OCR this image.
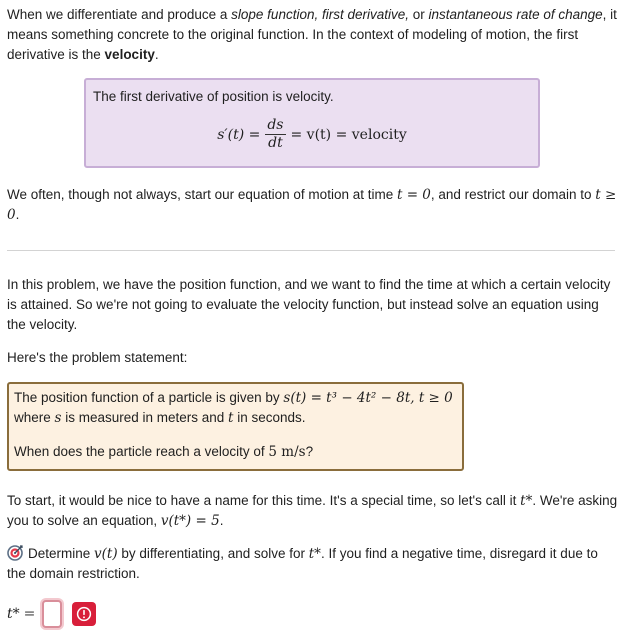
When we differentiate and produce a slope function, first derivative, or instantaneous rate of change, it means something concrete to the original function. In the context of modeling of motion, the first derivative is the velocity.

The first derivative of position is velocity.
$s'(t) = \frac{ds}{dt} = v(t)$ = velocity

We often, though not always, start our equation of motion at time t = 0, and restrict our domain to t ≥ 0.

In this problem, we have the position function, and we want to find the time at which a certain velocity is attained. So we're not going to evaluate the velocity function, but instead solve an equation using the velocity.

Here's the problem statement:

The position function of a particle is given by s(t) = t³ − 4t² − 8t, t ≥ 0
where s is measured in meters and t in seconds.
When does the particle reach a velocity of 5 m/s?

To start, it would be nice to have a name for this time. It's a special time, so let's call it t*. We're asking you to solve an equation, v(t*) = 5.

Determine v(t) by differentiating, and solve for t*. If you find a negative time, disregard it due to the domain restriction.

t* =
